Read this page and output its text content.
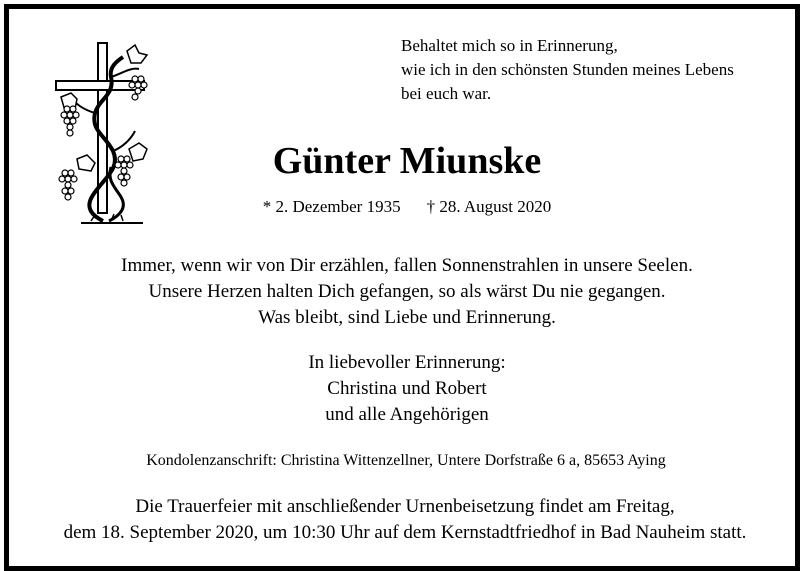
Behaltet mich so in Erinnerung,
wie ich in den schönsten Stunden meines Lebens
bei euch war.
Günter Miunske
* 2. Dezember 1935 † 28. August 2020
Immer, wenn wir von Dir erzählen, fallen Sonnenstrahlen in unsere Seelen.
Unsere Herzen halten Dich gefangen, so als wärst Du nie gegangen.
Was bleibt, sind Liebe und Erinnerung.
In liebevoller Erinnerung:
Christina und Robert
und alle Angehörigen
Kondolenzanschrift: Christina Wittenzellner, Untere Dorfstraße 6 a, 85653 Aying
Die Trauerfeier mit anschließender Urnenbeisetzung findet am Freitag,
dem 18. September 2020, um 10:30 Uhr auf dem Kernstadtfriedhof in Bad Nauheim statt.
